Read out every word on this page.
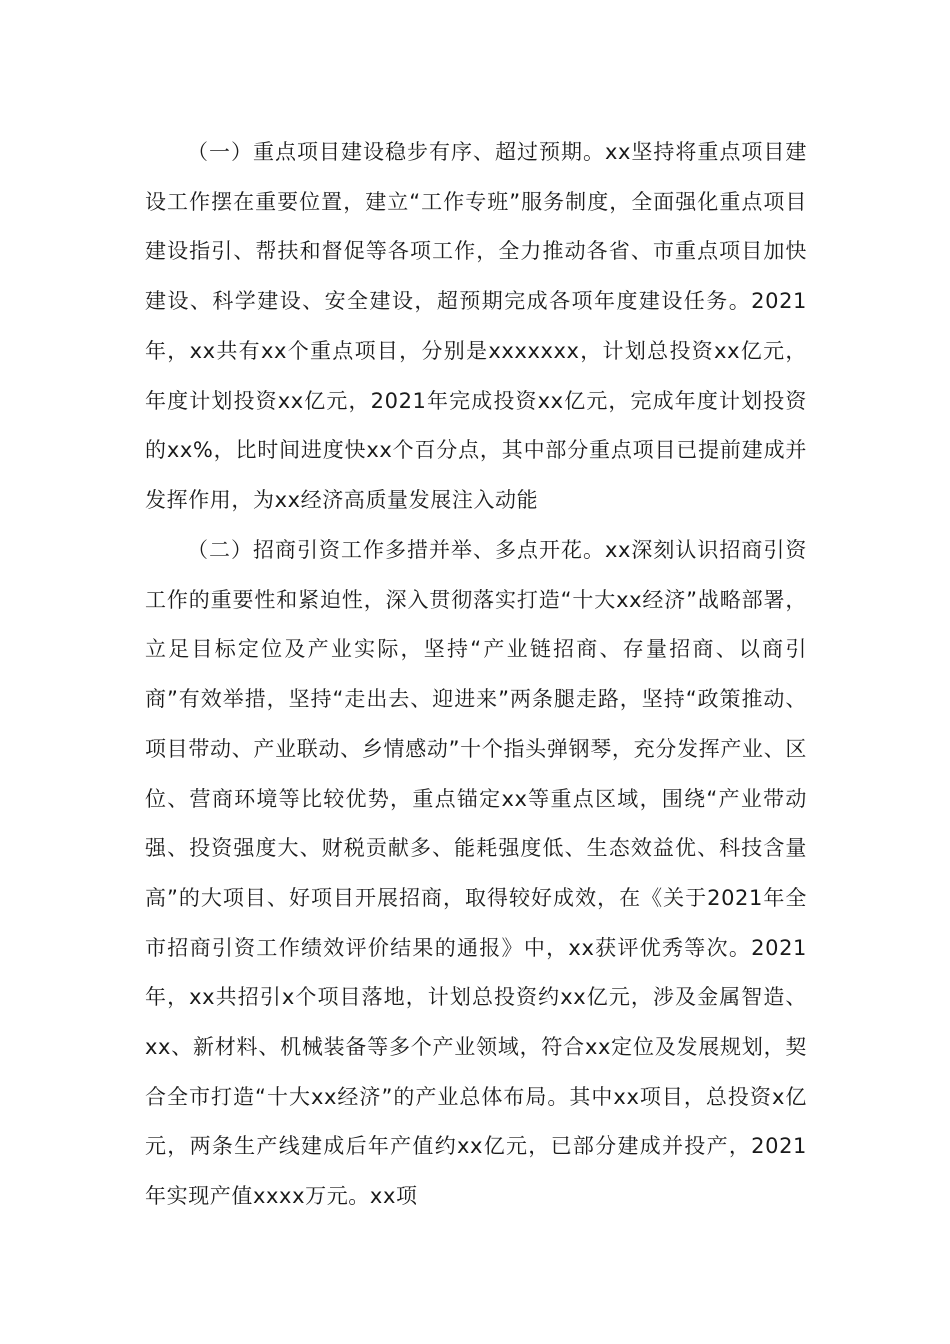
（一）重点项目建设稳步有序、超过预期。xx坚持将重点项目建设工作摆在重要位置，建立“工作专班”服务制度，全面强化重点项目建设指引、帮扶和督促等各项工作，全力推动各省、市重点项目加快建设、科学建设、安全建设，超预期完成各项年度建设任务。2021年，xx共有xx个重点项目，分别是xxxxxxx，计划总投资xx亿元，年度计划投资xx亿元，2021年完成投资xx亿元，完成年度计划投资的xx%，比时间进度快xx个百分点，其中部分重点项目已提前建成并发挥作用，为xx经济高质量发展注入动能

（二）招商引资工作多措并举、多点开花。xx深刻认识招商引资工作的重要性和紧迫性，深入贯彻落实打造“十大xx经济”战略部署，立足目标定位及产业实际，坚持“产业链招商、存量招商、以商引商”有效举措，坚持“走出去、迎进来”两条腿走路，坚持“政策推动、项目带动、产业联动、乡情感动”十个指头弹钢琴，充分发挥产业、区位、营商环境等比较优势，重点锚定xx等重点区域，围绕“产业带动强、投资强度大、财税贡献多、能耗强度低、生态效益优、科技含量高”的大项目、好项目开展招商，取得较好成效，在《关于2021年全市招商引资工作绩效评价结果的通报》中，xx获评优秀等次。2021年，xx共招引x个项目落地，计划总投资约xx亿元，涉及金属智造、xx、新材料、机械装备等多个产业领域，符合xx定位及发展规划，契合全市打造“十大xx经济”的产业总体布局。其中xx项目，总投资x亿元，两条生产线建成后年产值约xx亿元，已部分建成并投产，2021年实现产值xxxx万元。xx项
